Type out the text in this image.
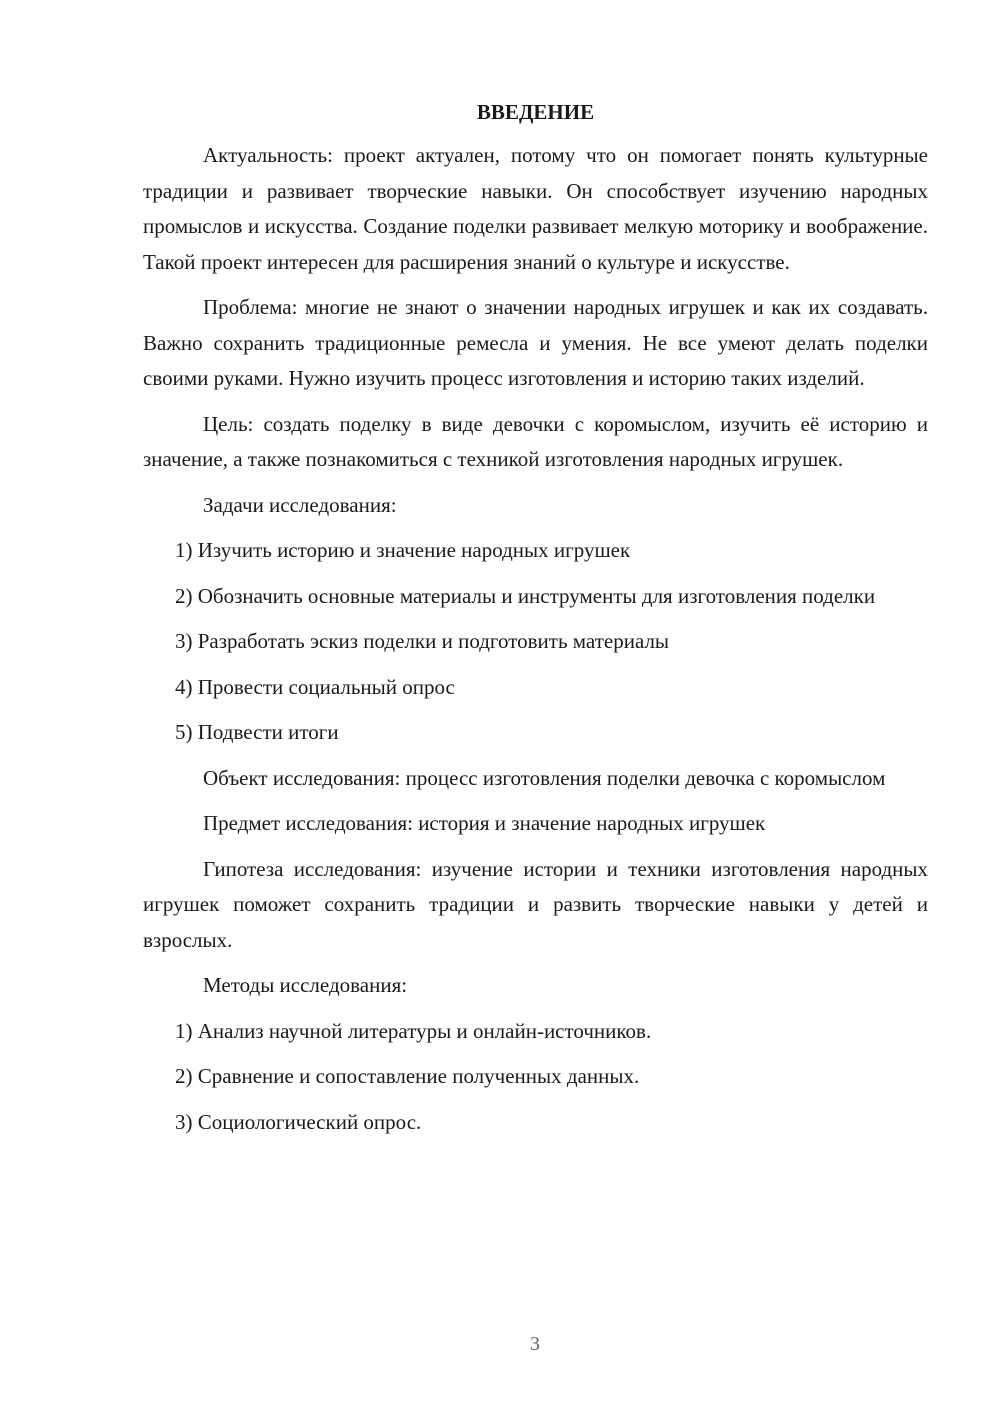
ВВЕДЕНИЕ

Актуальность: проект актуален, потому что он помогает понять культурные традиции и развивает творческие навыки. Он способствует изучению народных промыслов и искусства. Создание поделки развивает мелкую моторику и воображение. Такой проект интересен для расширения знаний о культуре и искусстве.

Проблема: многие не знают о значении народных игрушек и как их создавать. Важно сохранить традиционные ремесла и умения. Не все умеют делать поделки своими руками. Нужно изучить процесс изготовления и историю таких изделий.

Цель: создать поделку в виде девочки с коромыслом, изучить её историю и значение, а также познакомиться с техникой изготовления народных игрушек.

Задачи исследования:

1) Изучить историю и значение народных игрушек

2) Обозначить основные материалы и инструменты для изготовления поделки

3) Разработать эскиз поделки и подготовить материалы

4) Провести социальный опрос

5) Подвести итоги

Объект исследования: процесс изготовления поделки девочка с коромыслом

Предмет исследования: история и значение народных игрушек

Гипотеза исследования: изучение истории и техники изготовления народных игрушек поможет сохранить традиции и развить творческие навыки у детей и взрослых.

Методы исследования:

1) Анализ научной литературы и онлайн-источников.

2) Сравнение и сопоставление полученных данных.

3) Социологический опрос.

3
